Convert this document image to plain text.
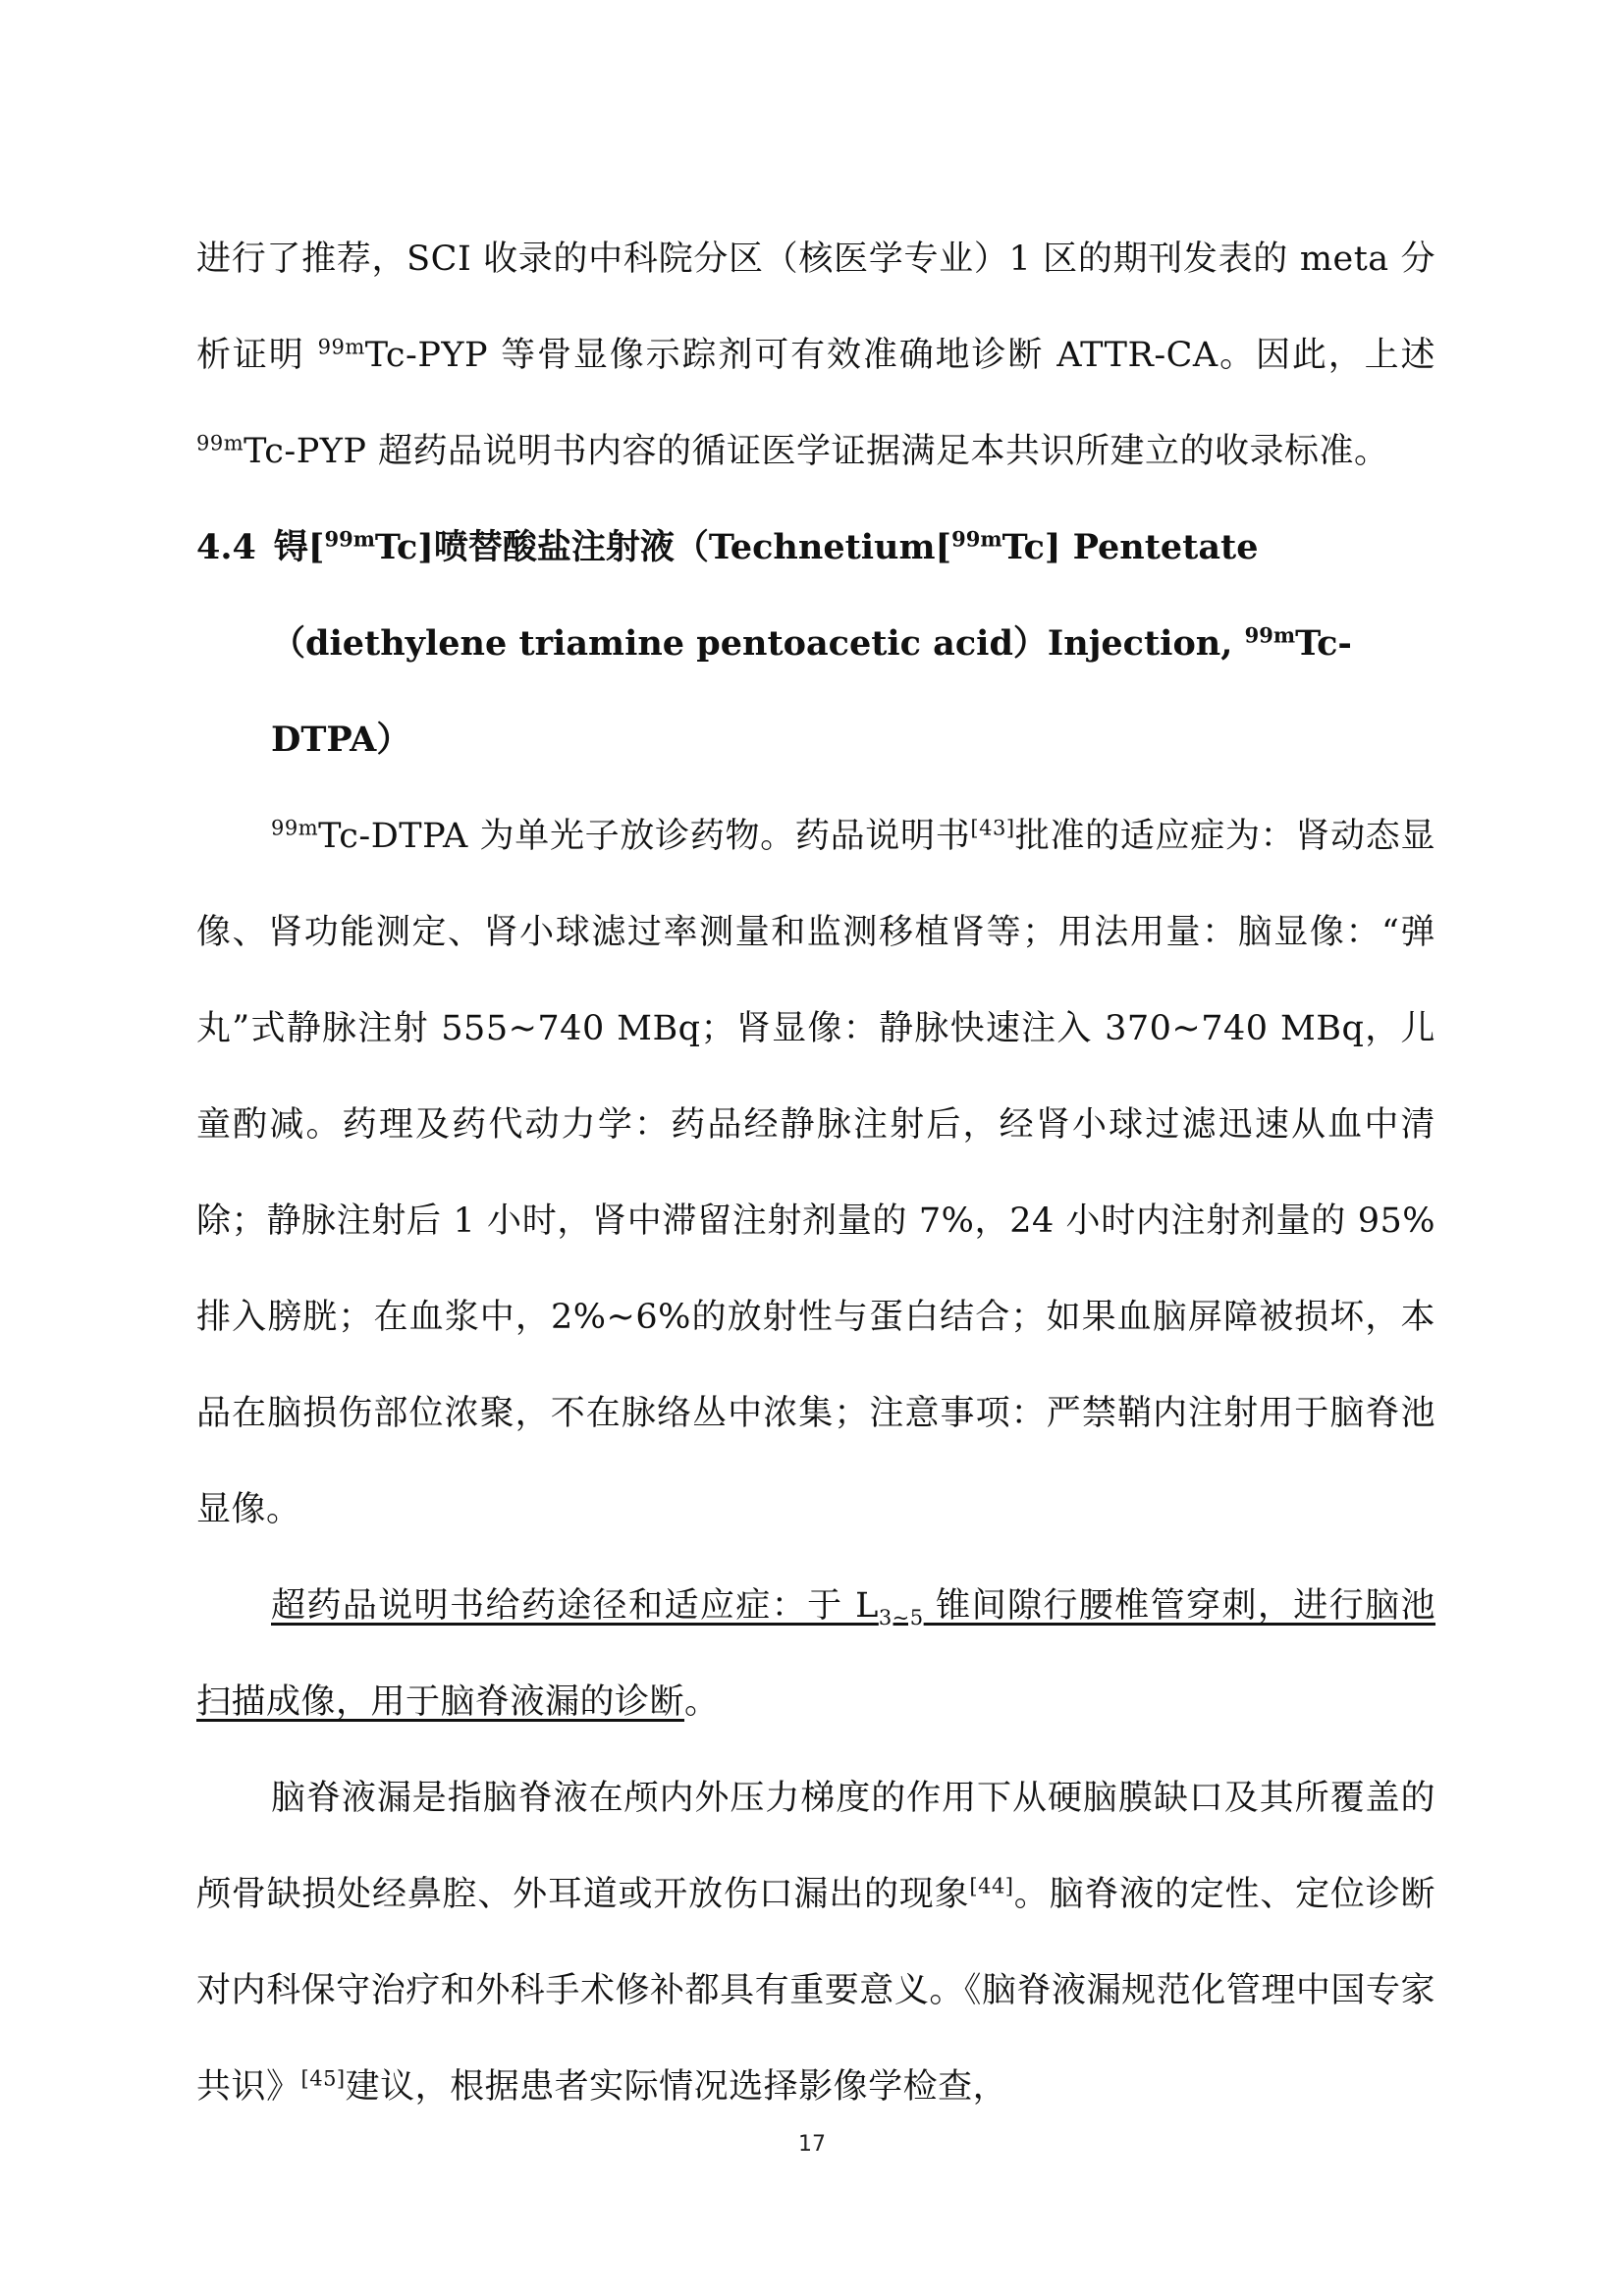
进行了推荐，SCI 收录的中科院分区（核医学专业）1 区的期刊发表的 meta 分析证明 $^{99m}$Tc-PYP 等骨显像示踪剂可有效准确地诊断 ATTR-CA。因此，上述 $^{99m}$Tc-PYP 超药品说明书内容的循证医学证据满足本共识所建立的收录标准。

4.4 锝[$^{99m}$Tc]喷替酸盐注射液（Technetium[$^{99m}$Tc] Pentetate （diethylene triamine pentoacetic acid）Injection, $^{99m}$Tc-DTPA）

$^{99m}$Tc-DTPA 为单光子放诊药物。药品说明书[43]批准的适应症为：肾动态显像、肾功能测定、肾小球滤过率测量和监测移植肾等；用法用量：脑显像：“弹丸”式静脉注射 555~740 MBq；肾显像：静脉快速注入 370~740 MBq，儿童酌减。药理及药代动力学：药品经静脉注射后，经肾小球过滤迅速从血中清除；静脉注射后 1 小时，肾中滞留注射剂量的 7%，24 小时内注射剂量的 95%排入膀胱；在血浆中，2%~6%的放射性与蛋白结合；如果血脑屏障被损坏，本品在脑损伤部位浓聚，不在脉络丛中浓集；注意事项：严禁鞘内注射用于脑脊池显像。

超药品说明书给药途径和适应症：于 $L_{3\sim 5}$ 锥间隙行腰椎管穿刺，进行脑池扫描成像，用于脑脊液漏的诊断。

脑脊液漏是指脑脊液在颅内外压力梯度的作用下从硬脑膜缺口及其所覆盖的颅骨缺损处经鼻腔、外耳道或开放伤口漏出的现象[44]。脑脊液的定性、定位诊断对内科保守治疗和外科手术修补都具有重要意义。《脑脊液漏规范化管理中国专家共识》[45]建议，根据患者实际情况选择影像学检查，

17
